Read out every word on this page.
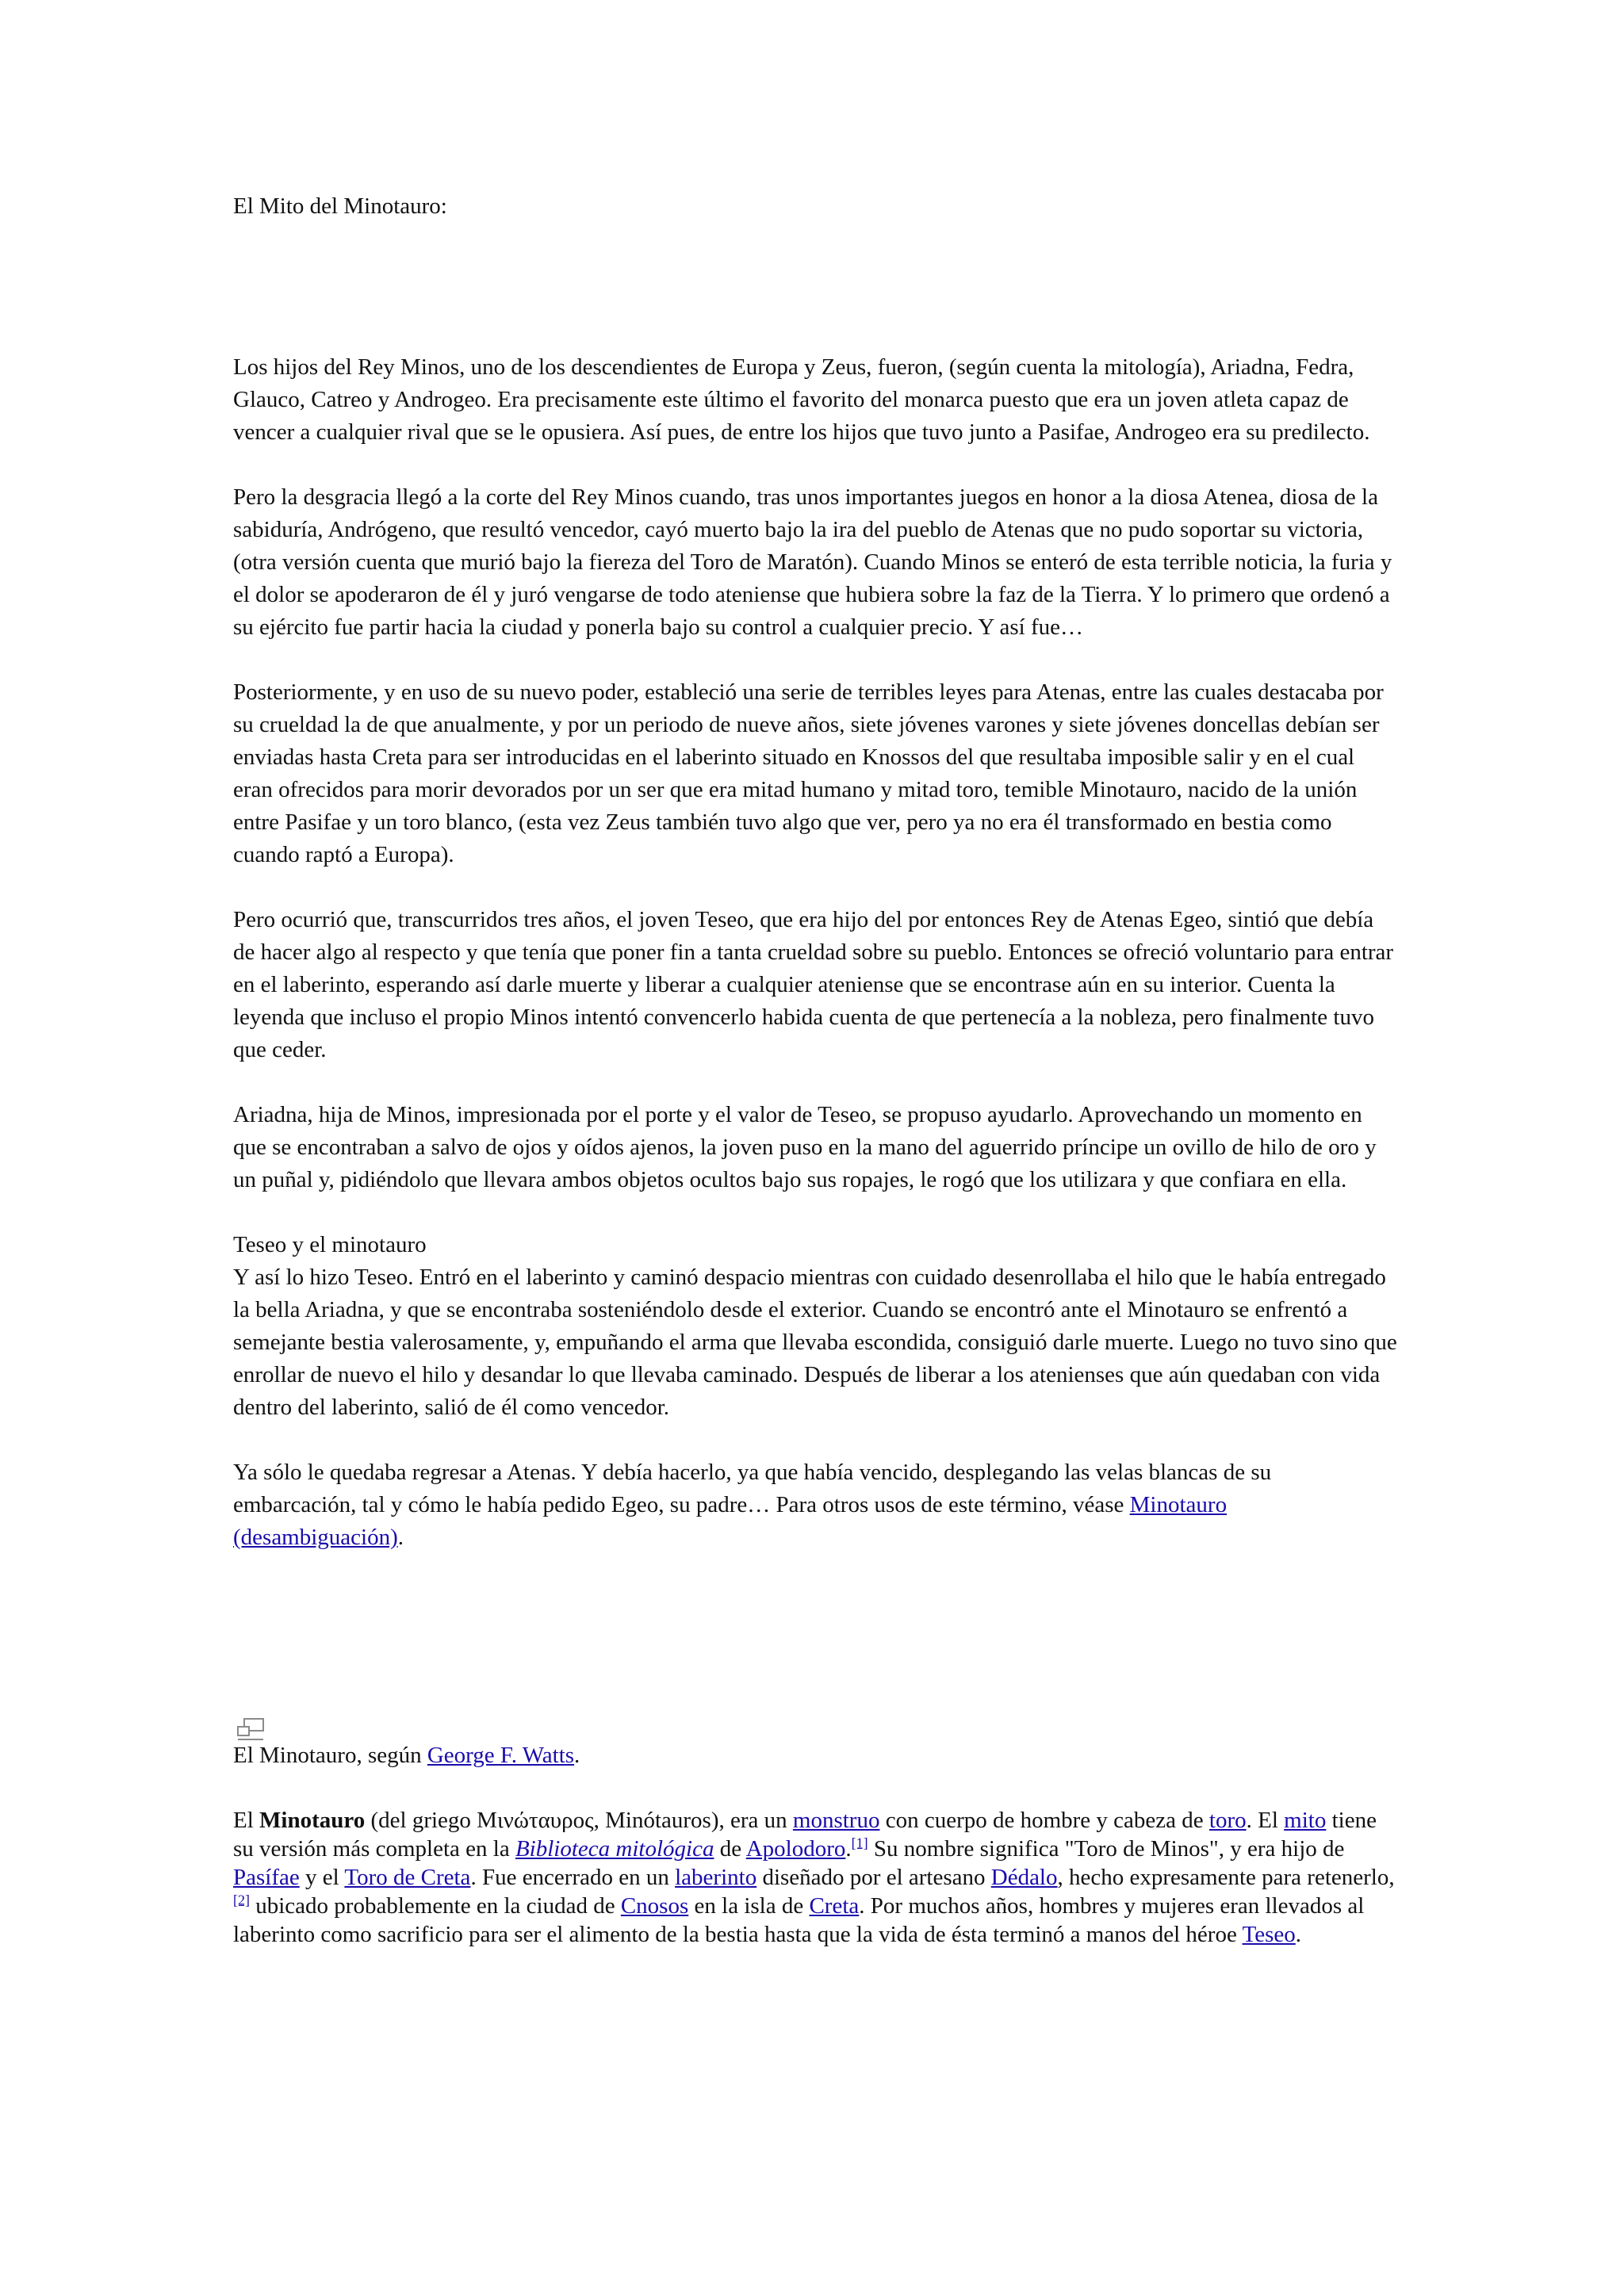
El Mito del Minotauro:

Los hijos del Rey Minos, uno de los descendientes de Europa y Zeus, fueron, (según cuenta la mitología), Ariadna, Fedra, Glauco, Catreo y Androgeo. Era precisamente este último el favorito del monarca puesto que era un joven atleta capaz de vencer a cualquier rival que se le opusiera. Así pues, de entre los hijos que tuvo junto a Pasifae, Androgeo era su predilecto.

Pero la desgracia llegó a la corte del Rey Minos cuando, tras unos importantes juegos en honor a la diosa Atenea, diosa de la sabiduría, Andrógeno, que resultó vencedor, cayó muerto bajo la ira del pueblo de Atenas que no pudo soportar su victoria, (otra versión cuenta que murió bajo la fiereza del Toro de Maratón). Cuando Minos se enteró de esta terrible noticia, la furia y el dolor se apoderaron de él y juró vengarse de todo ateniense que hubiera sobre la faz de la Tierra. Y lo primero que ordenó a su ejército fue partir hacia la ciudad y ponerla bajo su control a cualquier precio. Y así fue…

Posteriormente, y en uso de su nuevo poder, estableció una serie de terribles leyes para Atenas, entre las cuales destacaba por su crueldad la de que anualmente, y por un periodo de nueve años, siete jóvenes varones y siete jóvenes doncellas debían ser enviadas hasta Creta para ser introducidas en el laberinto situado en Knossos del que resultaba imposible salir y en el cual eran ofrecidos para morir devorados por un ser que era mitad humano y mitad toro, temible Minotauro, nacido de la unión entre Pasifae y un toro blanco, (esta vez Zeus también tuvo algo que ver, pero ya no era él transformado en bestia como cuando raptó a Europa).

Pero ocurrió que, transcurridos tres años, el joven Teseo, que era hijo del por entonces Rey de Atenas Egeo, sintió que debía de hacer algo al respecto y que tenía que poner fin a tanta crueldad sobre su pueblo. Entonces se ofreció voluntario para entrar en el laberinto, esperando así darle muerte y liberar a cualquier ateniense que se encontrase aún en su interior. Cuenta la leyenda que incluso el propio Minos intentó convencerlo habida cuenta de que pertenecía a la nobleza, pero finalmente tuvo que ceder.

Ariadna, hija de Minos, impresionada por el porte y el valor de Teseo, se propuso ayudarlo. Aprovechando un momento en que se encontraban a salvo de ojos y oídos ajenos, la joven puso en la mano del aguerrido príncipe un ovillo de hilo de oro y un puñal y, pidiéndolo que llevara ambos objetos ocultos bajo sus ropajes, le rogó que los utilizara y que confiara en ella.

Teseo y el minotauro

Y así lo hizo Teseo. Entró en el laberinto y caminó despacio mientras con cuidado desenrollaba el hilo que le había entregado la bella Ariadna, y que se encontraba sosteniéndolo desde el exterior. Cuando se encontró ante el Minotauro se enfrentó a semejante bestia valerosamente, y, empuñando el arma que llevaba escondida, consiguió darle muerte. Luego no tuvo sino que enrollar de nuevo el hilo y desandar lo que llevaba caminado. Después de liberar a los atenienses que aún quedaban con vida dentro del laberinto, salió de él como vencedor.

Ya sólo le quedaba regresar a Atenas. Y debía hacerlo, ya que había vencido, desplegando las velas blancas de su embarcación, tal y cómo le había pedido Egeo, su padre… Para otros usos de este término, véase Minotauro (desambiguación).

El Minotauro, según George F. Watts.

El Minotauro (del griego Μινώταυρος, Minótauros), era un monstruo con cuerpo de hombre y cabeza de toro. El mito tiene su versión más completa en la Biblioteca mitológica de Apolodoro.[1] Su nombre significa "Toro de Minos", y era hijo de Pasífae y el Toro de Creta. Fue encerrado en un laberinto diseñado por el artesano Dédalo, hecho expresamente para retenerlo,[2] ubicado probablemente en la ciudad de Cnosos en la isla de Creta. Por muchos años, hombres y mujeres eran llevados al laberinto como sacrificio para ser el alimento de la bestia hasta que la vida de ésta terminó a manos del héroe Teseo.
